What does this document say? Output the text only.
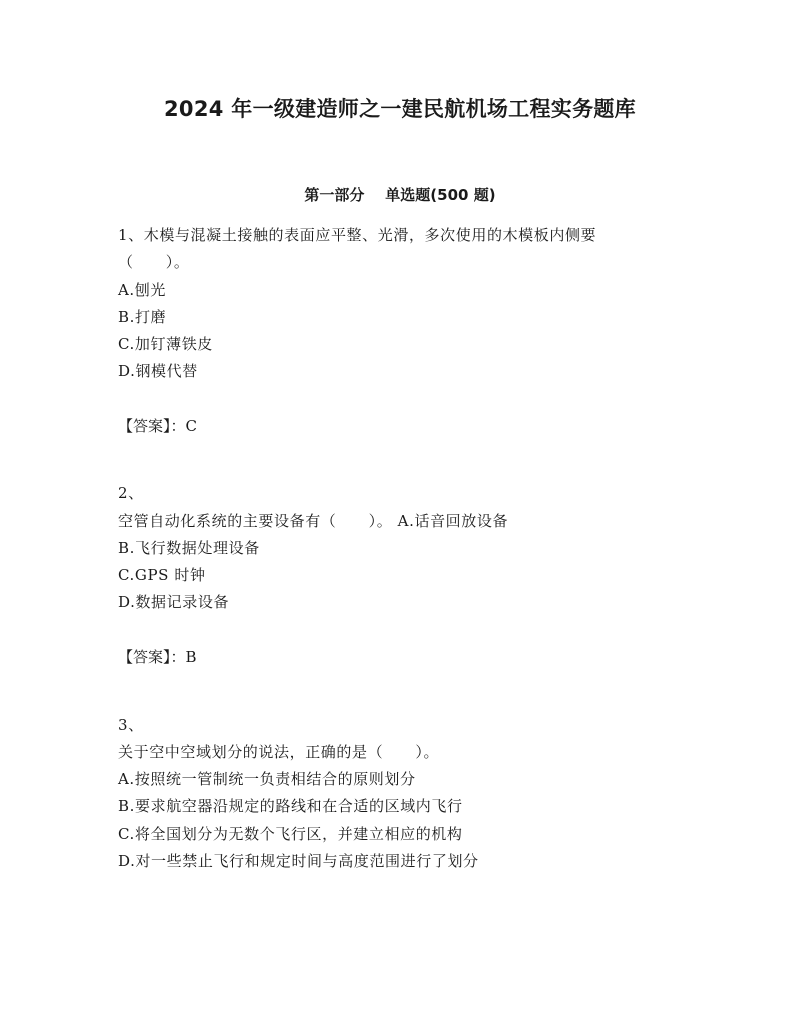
2024 年一级建造师之一建民航机场工程实务题库
第一部分    单选题(500 题)
1、木模与混凝土接触的表面应平整、光滑，多次使用的木模板内侧要
（      ）。
A.刨光
B.打磨
C.加钉薄铁皮
D.钢模代替
【答案】：C
2、
空管自动化系统的主要设备有（      ）。 A.话音回放设备
B.飞行数据处理设备
C.GPS 时钟
D.数据记录设备
【答案】：B
3、
关于空中空域划分的说法，正确的是（      ）。
A.按照统一管制统一负责相结合的原则划分
B.要求航空器沿规定的路线和在合适的区域内飞行
C.将全国划分为无数个飞行区，并建立相应的机构
D.对一些禁止飞行和规定时间与高度范围进行了划分
